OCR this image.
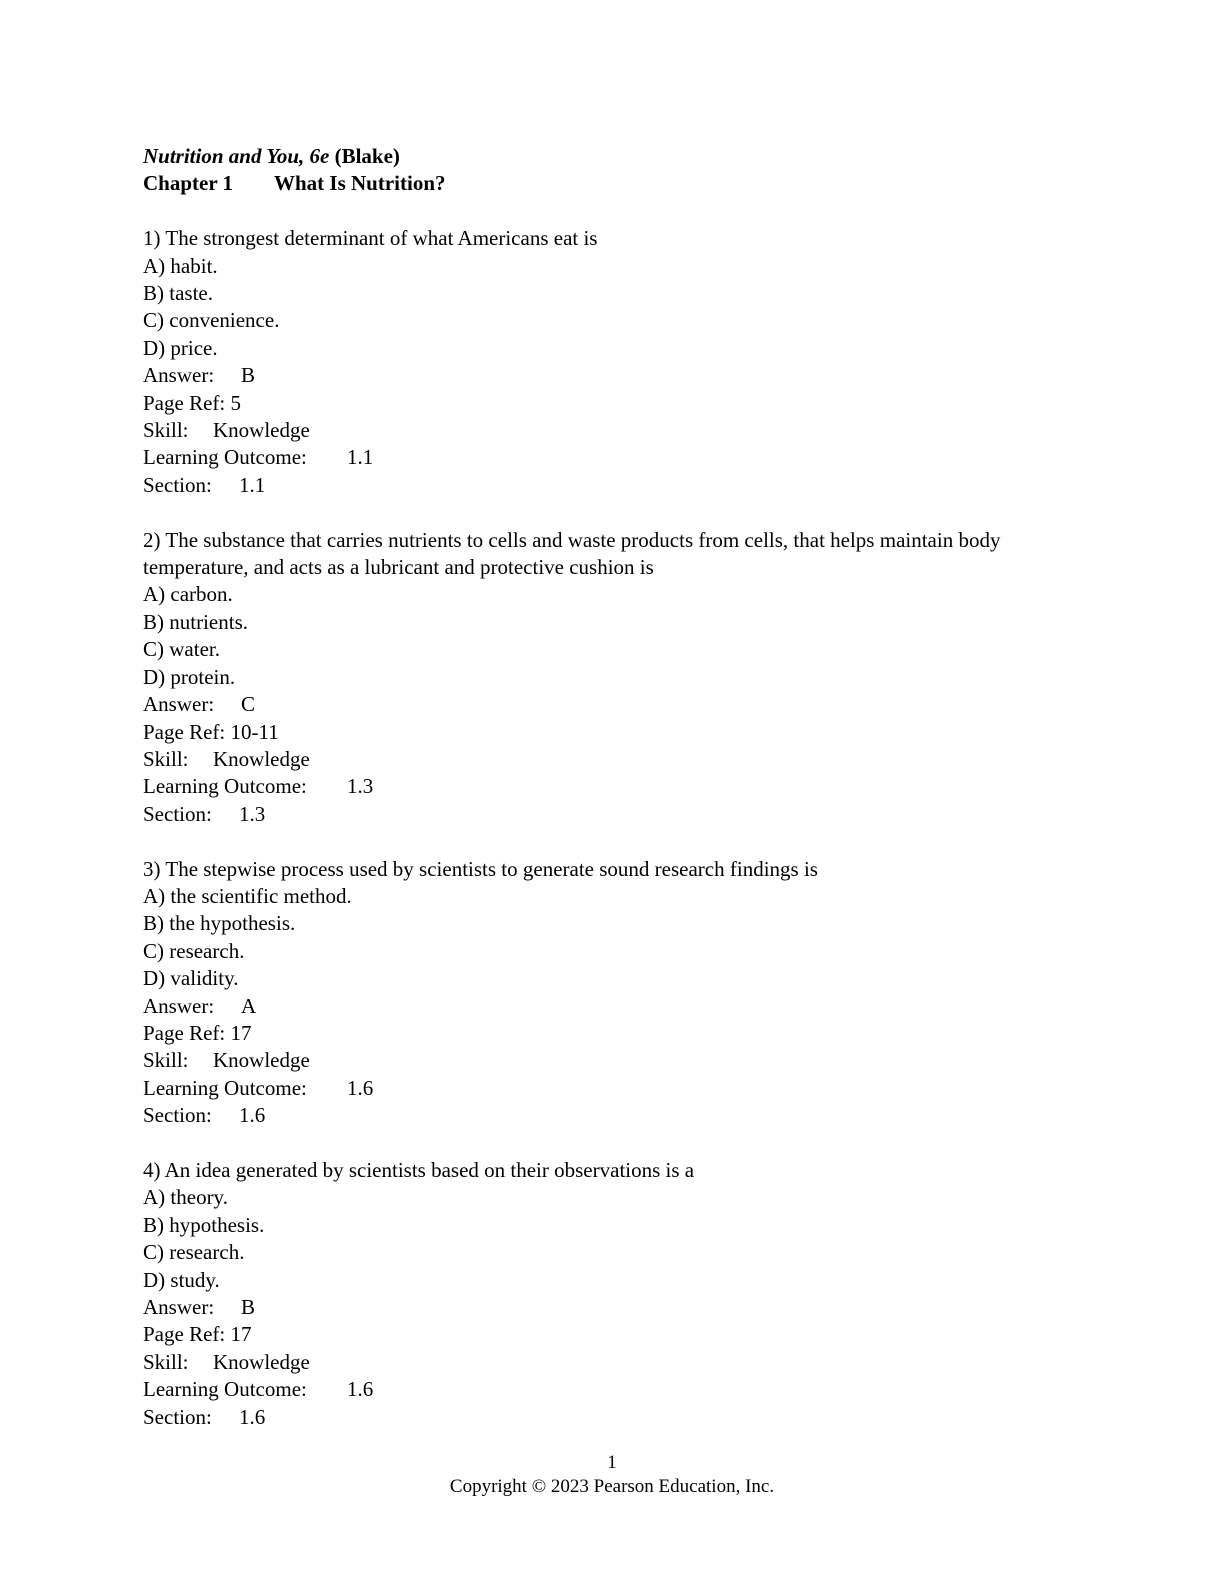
Nutrition and You, 6e (Blake)
Chapter 1 What Is Nutrition?
1) The strongest determinant of what Americans eat is
A) habit.
B) taste.
C) convenience.
D) price.
Answer: B
Page Ref: 5
Skill: Knowledge
Learning Outcome: 1.1
Section: 1.1
2) The substance that carries nutrients to cells and waste products from cells, that helps maintain body temperature, and acts as a lubricant and protective cushion is
A) carbon.
B) nutrients.
C) water.
D) protein.
Answer: C
Page Ref: 10-11
Skill: Knowledge
Learning Outcome: 1.3
Section: 1.3
3) The stepwise process used by scientists to generate sound research findings is
A) the scientific method.
B) the hypothesis.
C) research.
D) validity.
Answer: A
Page Ref: 17
Skill: Knowledge
Learning Outcome: 1.6
Section: 1.6
4) An idea generated by scientists based on their observations is a
A) theory.
B) hypothesis.
C) research.
D) study.
Answer: B
Page Ref: 17
Skill: Knowledge
Learning Outcome: 1.6
Section: 1.6
1
Copyright © 2023 Pearson Education, Inc.
